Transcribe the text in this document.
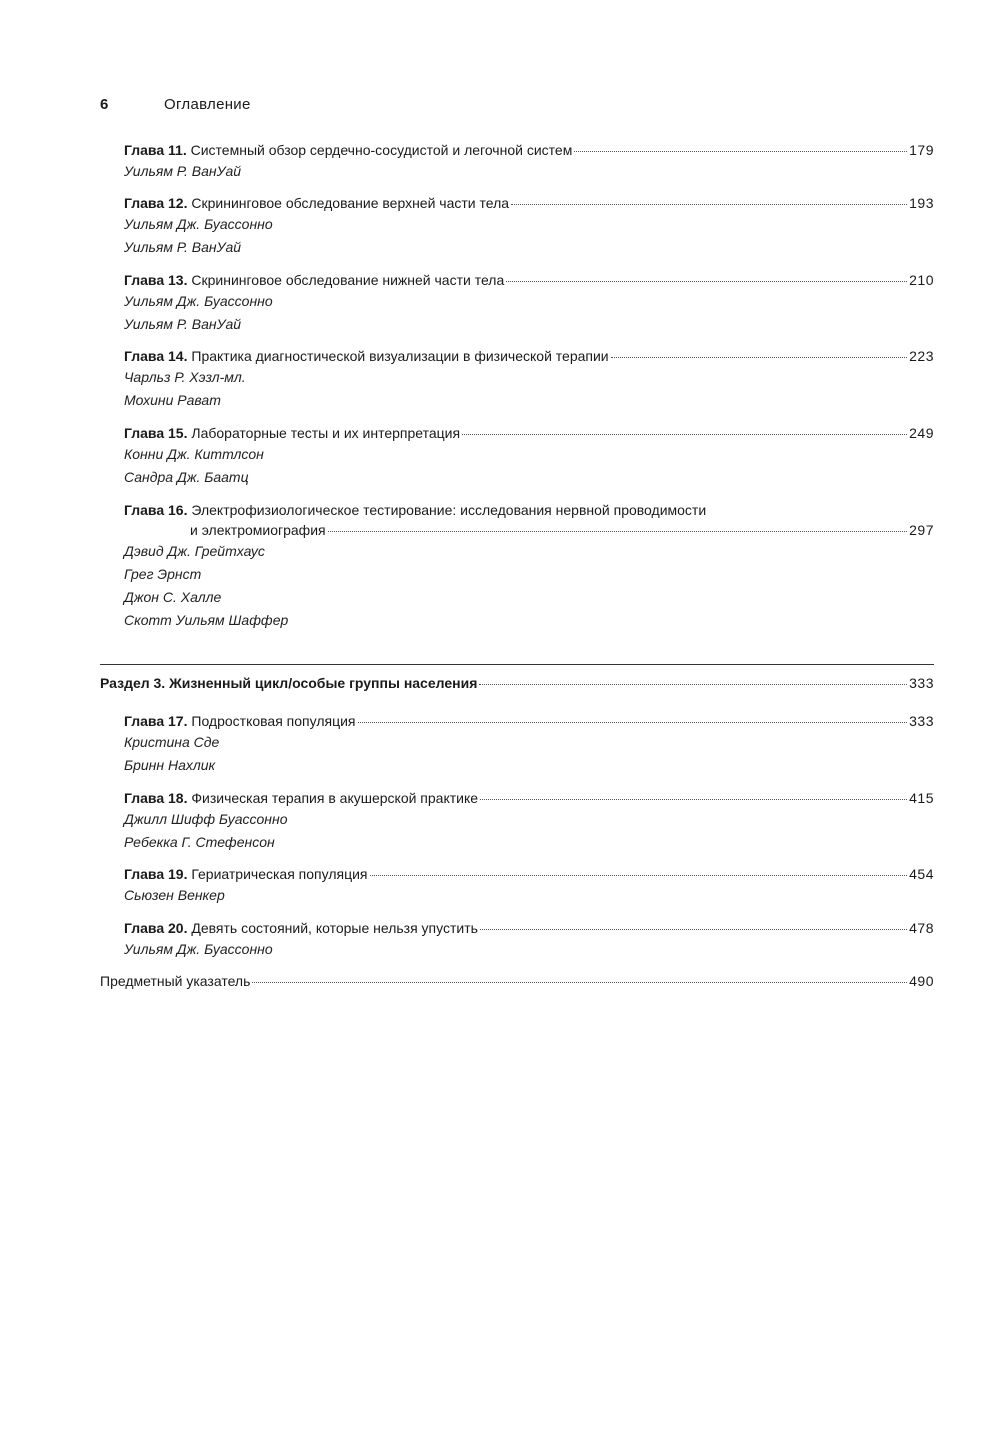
6	Оглавление
Глава 11.
Системный обзор сердечно-сосудистой и легочной систем	179
Уильям Р. ВанУай
Глава 12.
Скрининговое обследование верхней части тела	193
Уильям Дж. Буассонно
Уильям Р. ВанУай
Глава 13.
Скрининговое обследование нижней части тела	210
Уильям Дж. Буассонно
Уильям Р. ВанУай
Глава 14.
Практика диагностической визуализации в физической терапии	223
Чарльз Р. Хэзл-мл.
Мохини Рават
Глава 15.
Лабораторные тесты и их интерпретация	249
Конни Дж. Киттлсон
Сандра Дж. Баатц
Глава 16.
Электрофизиологическое тестирование: исследования нервной проводимости
и электромиография	297
Дэвид Дж. Грейтхаус
Грег Эрнст
Джон С. Халле
Скотт Уильям Шаффер
Раздел 3. Жизненный цикл/особые группы населения	333
Глава 17.
Подростковая популяция	333
Кристина Сде
Бринн Нахлик
Глава 18.
Физическая терапия в акушерской практике	415
Джилл Шифф Буассонно
Ребекка Г. Стефенсон
Глава 19.
Гериатрическая популяция	454
Сьюзен Венкер
Глава 20.
Девять состояний, которые нельзя упустить	478
Уильям Дж. Буассонно
Предметный указатель	490
